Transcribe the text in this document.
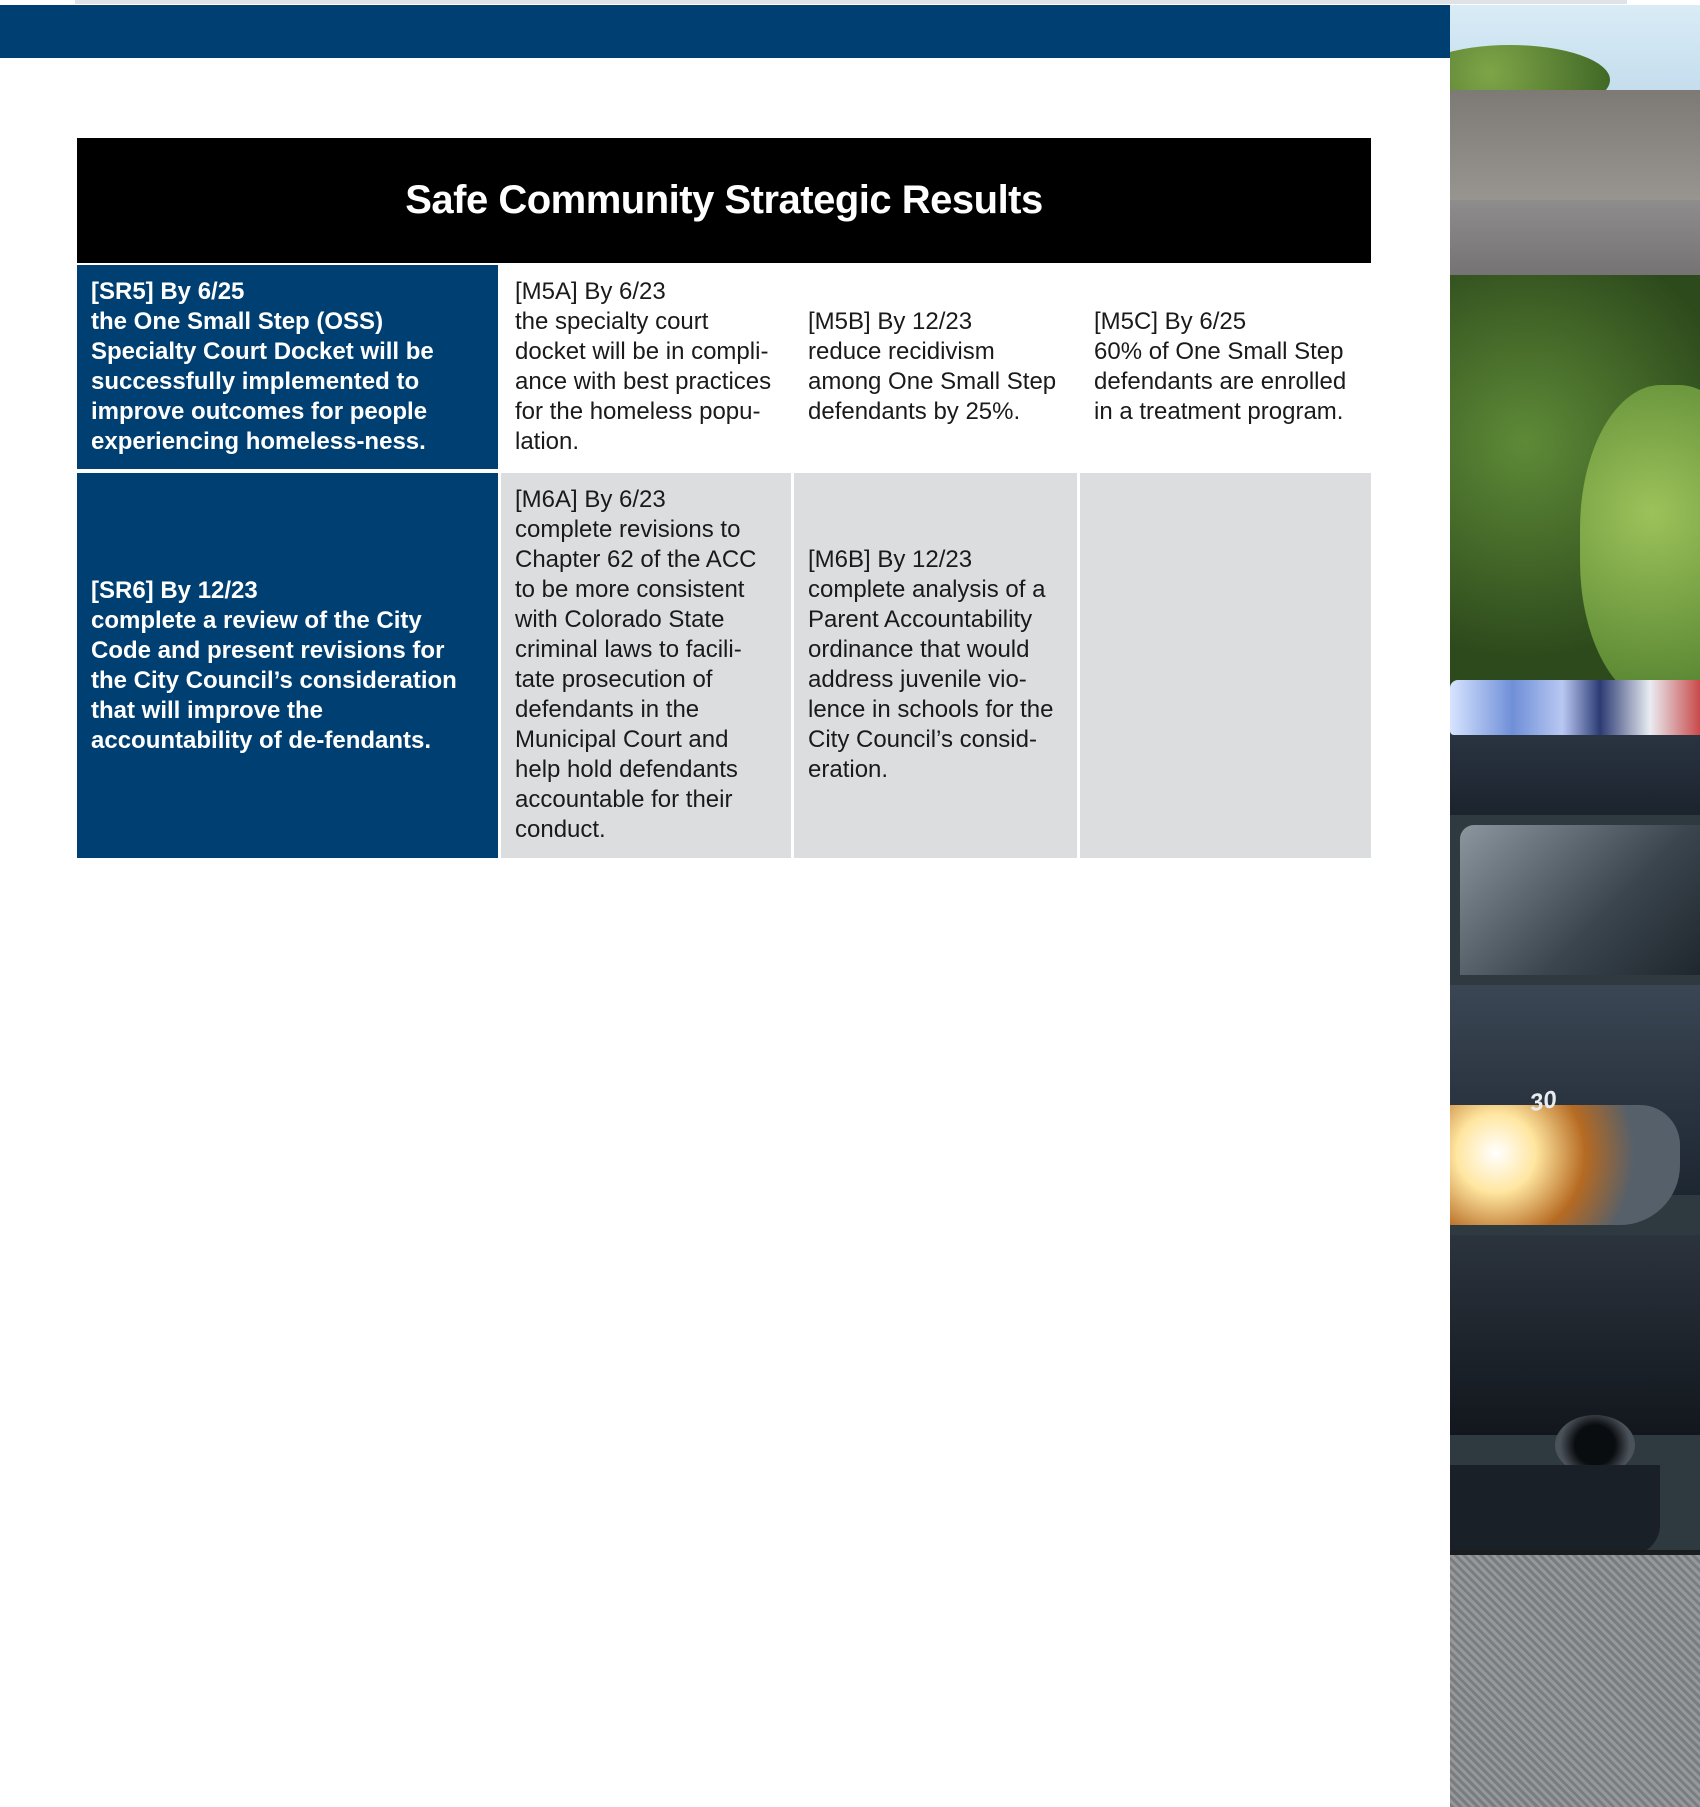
30
Safe Community Strategic Results

[SR5] By 6/25

the One Small Step (OSS) Specialty Court Docket will be successfully implemented to improve outcomes for people experiencing homeless-ness.

[M5A] By 6/23

the specialty court docket will be in compli-ance with best practices for the homeless popu-lation.

[M5B] By 12/23

reduce recidivism among One Small Step defendants by 25%.

[M5C] By 6/25

60% of One Small Step defendants are enrolled in a treatment program.

[SR6] By 12/23

complete a review of the City Code and present revisions for the City Council’s consideration that will improve the accountability of de-fendants.

[M6A] By 6/23

complete revisions to Chapter 62 of the ACC to be more consistent with Colorado State criminal laws to facili-tate prosecution of defendants in the Municipal Court and help hold defendants accountable for their conduct.

[M6B] By 12/23

complete analysis of a Parent Accountability ordinance that would address juvenile vio-lence in schools for the City Council’s consid-eration.
